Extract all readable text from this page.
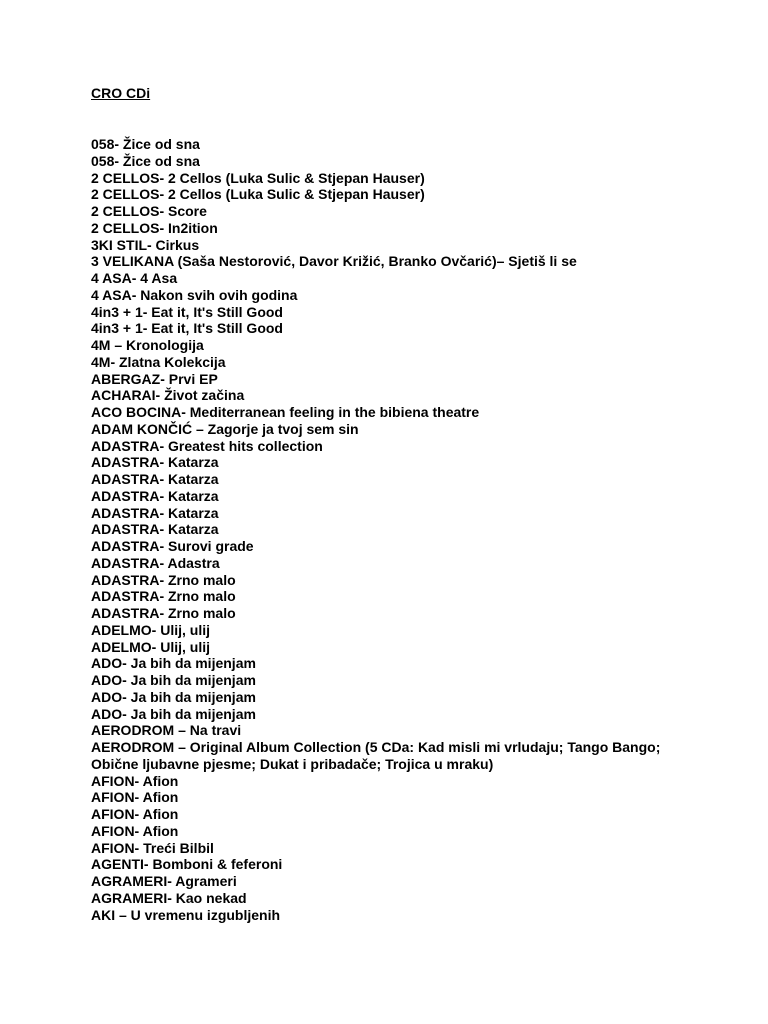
CRO CDi
058- Žice od sna
058- Žice od sna
2 CELLOS- 2 Cellos (Luka Sulic & Stjepan Hauser)
2 CELLOS- 2 Cellos (Luka Sulic & Stjepan Hauser)
2 CELLOS- Score
2 CELLOS- In2ition
3KI STIL- Cirkus
3 VELIKANA (Saša Nestorović, Davor Križić, Branko Ovčarić)– Sjetiš li se
4 ASA- 4 Asa
4 ASA- Nakon svih ovih godina
4in3 + 1- Eat it, It's Still Good
4in3 + 1- Eat it, It's Still Good
4M – Kronologija
4M- Zlatna Kolekcija
ABERGAZ- Prvi EP
ACHARAI- Život začina
ACO BOCINA- Mediterranean feeling in the bibiena theatre
ADAM KONČIĆ – Zagorje ja tvoj sem sin
ADASTRA- Greatest hits collection
ADASTRA- Katarza
ADASTRA- Katarza
ADASTRA- Katarza
ADASTRA- Katarza
ADASTRA- Katarza
ADASTRA- Surovi grade
ADASTRA- Adastra
ADASTRA- Zrno malo
ADASTRA- Zrno malo
ADASTRA- Zrno malo
ADELMO- Ulij, ulij
ADELMO- Ulij, ulij
ADO- Ja bih da mijenjam
ADO- Ja bih da mijenjam
ADO- Ja bih da mijenjam
ADO- Ja bih da mijenjam
AERODROM – Na travi
AERODROM – Original Album Collection (5 CDa: Kad misli mi vrludaju; Tango Bango; Obične ljubavne pjesme; Dukat i pribadače; Trojica u mraku)
AFION- Afion
AFION- Afion
AFION- Afion
AFION- Afion
AFION- Treći Bilbil
AGENTI- Bomboni & feferoni
AGRAMERI- Agrameri
AGRAMERI- Kao nekad
AKI – U vremenu izgubljenih
